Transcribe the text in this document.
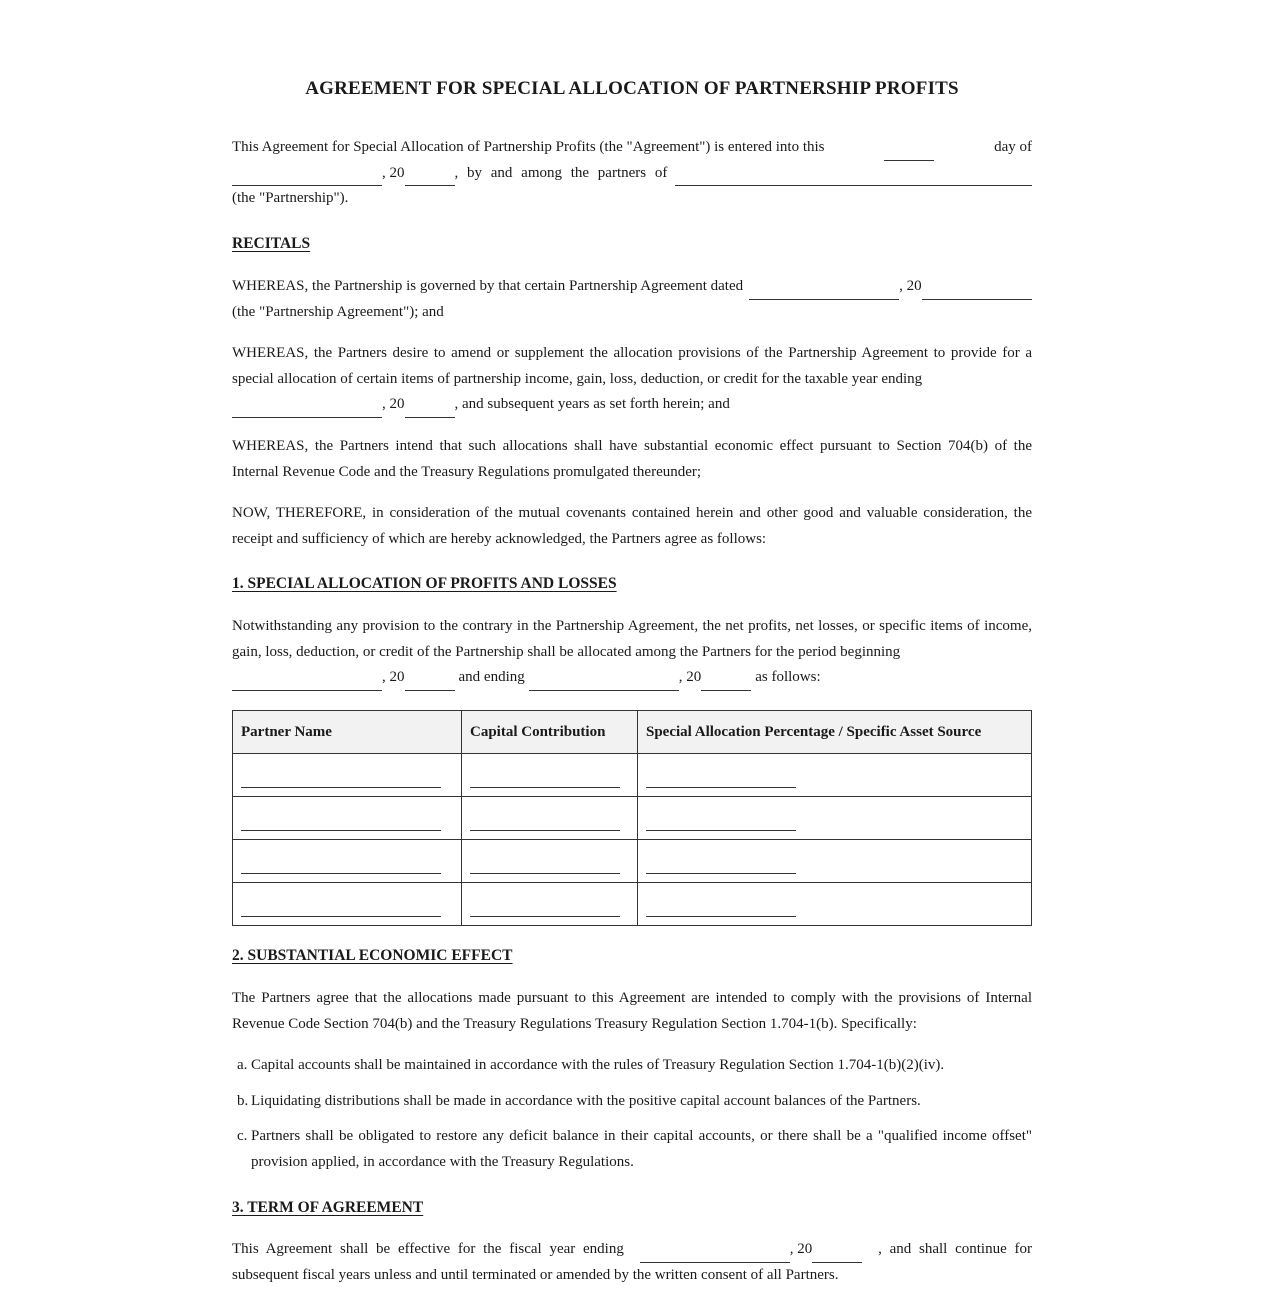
AGREEMENT FOR SPECIAL ALLOCATION OF PARTNERSHIP PROFITS
This Agreement for Special Allocation of Partnership Profits (the "Agreement") is entered into this	day of
, 20	, by and among the partners of
(the "Partnership").
RECITALS
WHEREAS, the Partnership is governed by that certain Partnership Agreement dated	, 20
(the "Partnership Agreement"); and
WHEREAS, the Partners desire to amend or supplement the allocation provisions of the Partnership Agreement to provide for a special allocation of certain items of partnership income, gain, loss, deduction, or credit for the taxable year ending
, 20	, and subsequent years as set forth herein; and
WHEREAS, the Partners intend that such allocations shall have substantial economic effect pursuant to Section 704(b) of the Internal Revenue Code and the Treasury Regulations promulgated thereunder;
NOW, THEREFORE, in consideration of the mutual covenants contained herein and other good and valuable consideration, the receipt and sufficiency of which are hereby acknowledged, the Partners agree as follows:
1. SPECIAL ALLOCATION OF PROFITS AND LOSSES
Notwithstanding any provision to the contrary in the Partnership Agreement, the net profits, net losses, or specific items of income, gain, loss, deduction, or credit of the Partnership shall be allocated among the Partners for the period beginning
, 20	and ending	, 20	as follows:
Partner Name	Capital Contribution	Special Allocation Percentage / Specific Asset Source

2. SUBSTANTIAL ECONOMIC EFFECT
The Partners agree that the allocations made pursuant to this Agreement are intended to comply with the provisions of Internal Revenue Code Section 704(b) and the Treasury Regulations Treasury Regulation Section 1.704-1(b). Specifically:
a. Capital accounts shall be maintained in accordance with the rules of Treasury Regulation Section 1.704-1(b)(2)(iv).
b. Liquidating distributions shall be made in accordance with the positive capital account balances of the Partners.
c. Partners shall be obligated to restore any deficit balance in their capital accounts, or there shall be a "qualified income offset" provision applied, in accordance with the Treasury Regulations.
3. TERM OF AGREEMENT
This Agreement shall be effective for the fiscal year ending	, 20	, and shall continue for
subsequent fiscal years unless and until terminated or amended by the written consent of all Partners.
